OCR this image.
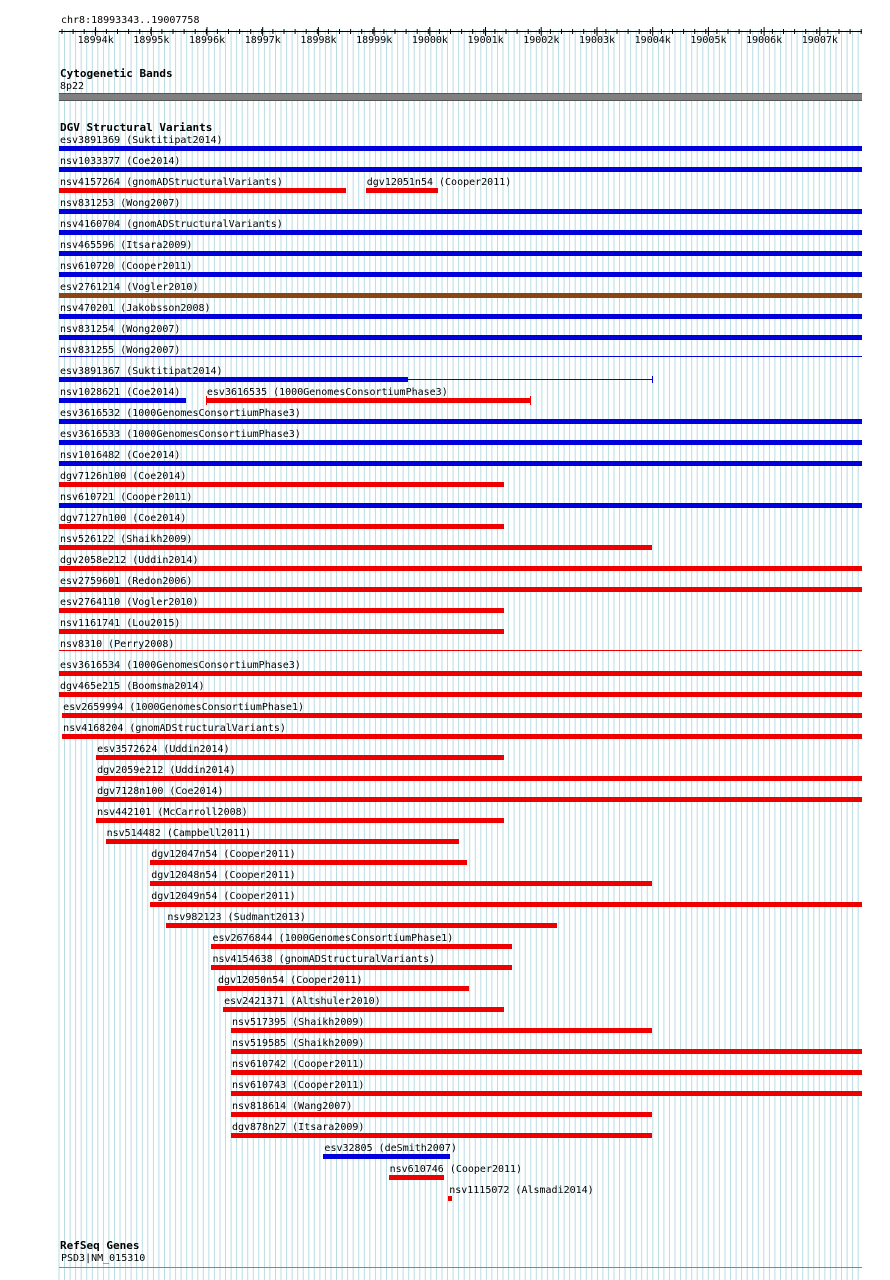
chr8:18993343..19007758
18994k 18995k 18996k 18997k 18998k 18999k 19000k 19001k 19002k 19003k 19004k 19005k 19006k 19007k
Cytogenetic Bands
8p22
DGV Structural Variants
esv3891369 (Suktitipat2014)
nsv1033377 (Coe2014)
nsv4157264 (gnomADStructuralVariants)	dgv12051n54 (Cooper2011)
nsv831253 (Wong2007)
nsv4160704 (gnomADStructuralVariants)
nsv465596 (Itsara2009)
nsv610720 (Cooper2011)
esv2761214 (Vogler2010)
nsv470201 (Jakobsson2008)
nsv831254 (Wong2007)
nsv831255 (Wong2007)
esv3891367 (Suktitipat2014)
nsv1028621 (Coe2014)	esv3616535 (1000GenomesConsortiumPhase3)
esv3616532 (1000GenomesConsortiumPhase3)
esv3616533 (1000GenomesConsortiumPhase3)
nsv1016482 (Coe2014)
dgv7126n100 (Coe2014)
nsv610721 (Cooper2011)
dgv7127n100 (Coe2014)
nsv526122 (Shaikh2009)
dgv2058e212 (Uddin2014)
esv2759601 (Redon2006)
esv2764110 (Vogler2010)
nsv1161741 (Lou2015)
nsv8310 (Perry2008)
esv3616534 (1000GenomesConsortiumPhase3)
dgv465e215 (Boomsma2014)
esv2659994 (1000GenomesConsortiumPhase1)
nsv4168204 (gnomADStructuralVariants)
esv3572624 (Uddin2014)
dgv2059e212 (Uddin2014)
dgv7128n100 (Coe2014)
nsv442101 (McCarroll2008)
nsv514482 (Campbell2011)
dgv12047n54 (Cooper2011)
dgv12048n54 (Cooper2011)
dgv12049n54 (Cooper2011)
nsv982123 (Sudmant2013)
esv2676844 (1000GenomesConsortiumPhase1)
nsv4154638 (gnomADStructuralVariants)
dgv12050n54 (Cooper2011)
esv2421371 (Altshuler2010)
nsv517395 (Shaikh2009)
nsv519585 (Shaikh2009)
nsv610742 (Cooper2011)
nsv610743 (Cooper2011)
nsv818614 (Wang2007)
dgv878n27 (Itsara2009)
esv32805 (deSmith2007)
nsv610746 (Cooper2011)
nsv1115072 (Alsmadi2014)
RefSeq Genes
PSD3|NM_015310
